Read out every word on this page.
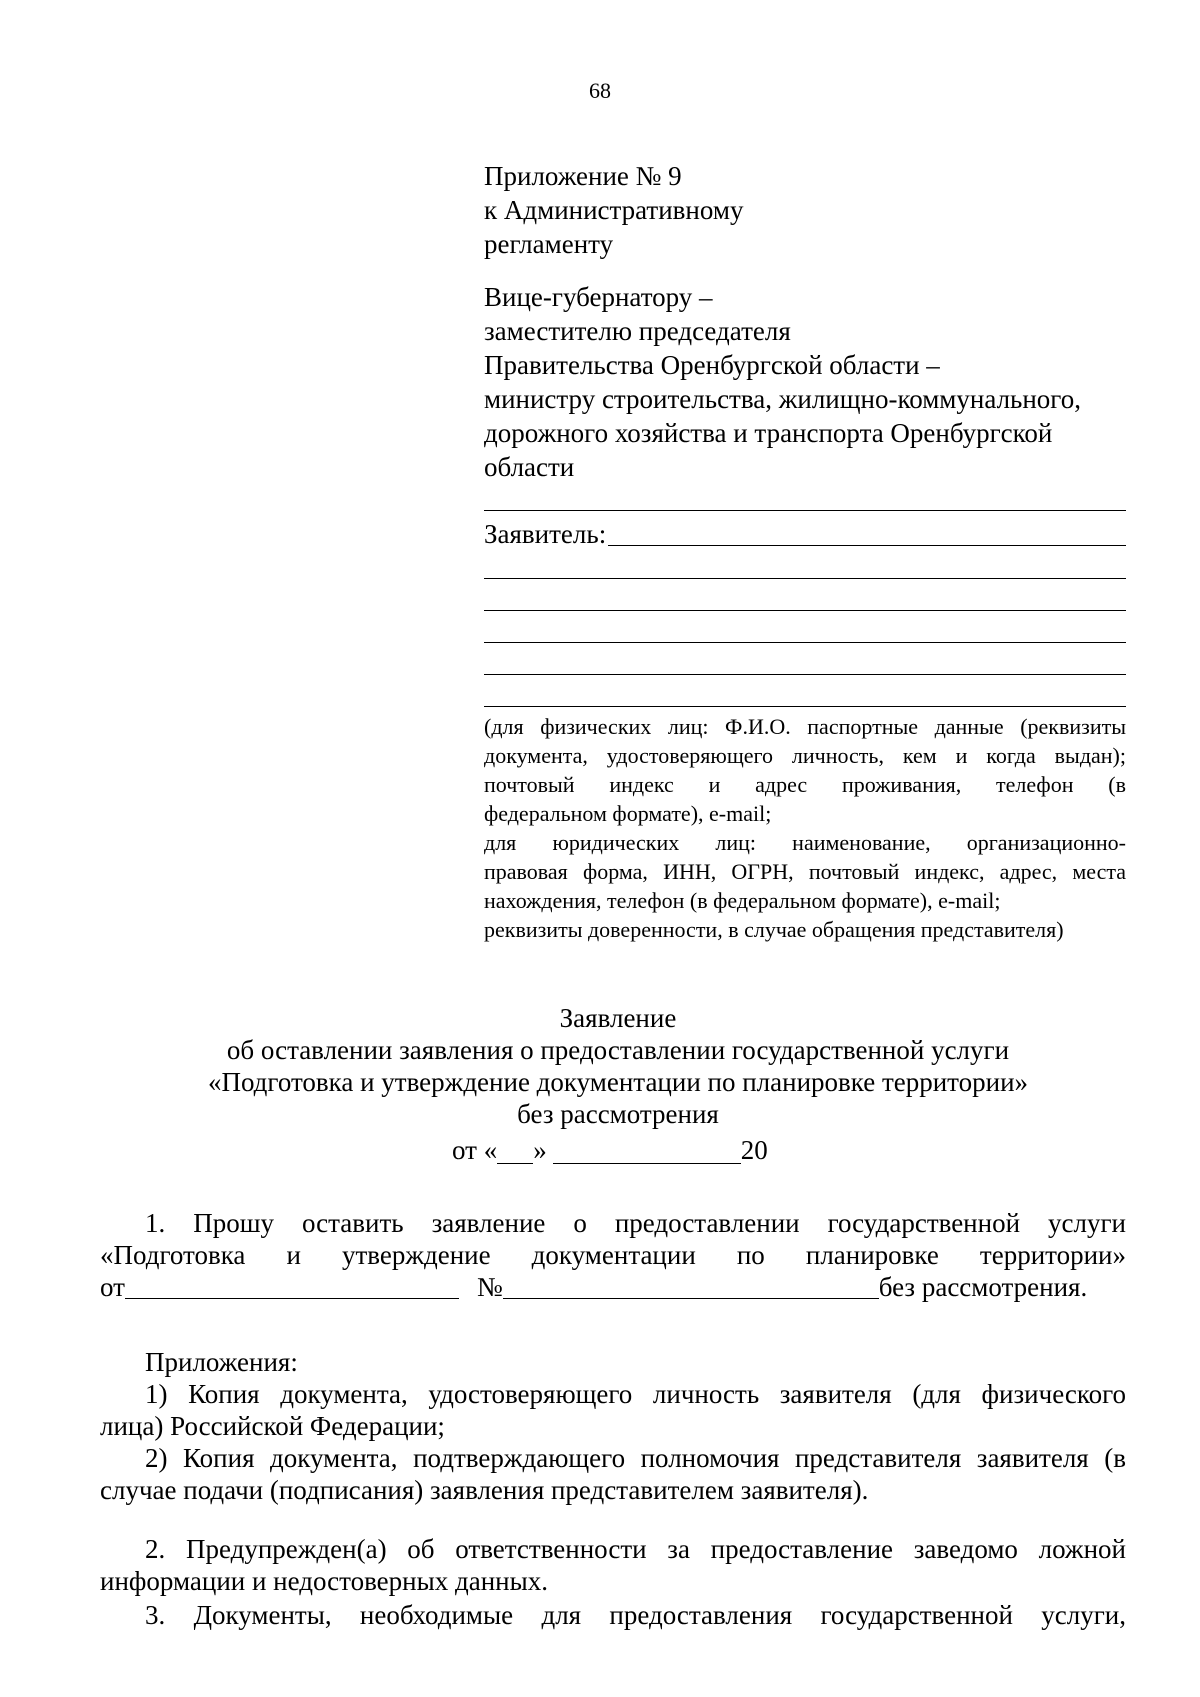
68
Приложение № 9
к Административному
регламенту
Вице-губернатору –
заместителю председателя
Правительства Оренбургской области –
министру строительства, жилищно-коммунального,
дорожного хозяйства и транспорта Оренбургской
области
Заявитель:
(для физических лиц: Ф.И.О. паспортные данные (реквизиты
документа, удостоверяющего личность, кем и когда выдан);
почтовый индекс и адрес проживания, телефон (в
федеральном формате), e-mail;
для юридических лиц: наименование, организационно-
правовая форма, ИНН, ОГРН, почтовый индекс, адрес, места
нахождения, телефон (в федеральном формате), e-mail;
реквизиты доверенности, в случае обращения представителя)
Заявление
об оставлении заявления о предоставлении государственной услуги
«Подготовка и утверждение документации по планировке территории»
без рассмотрения
от « »	20
1. Прошу оставить заявление о предоставлении государственной услуги
«Подготовка и утверждение документации по планировке территории»
от	№	без рассмотрения.
Приложения:
1) Копия документа, удостоверяющего личность заявителя (для физического
лица) Российской Федерации;
2) Копия документа, подтверждающего полномочия представителя заявителя (в
случае подачи (подписания) заявления представителем заявителя).
2. Предупрежден(а) об ответственности за предоставление заведомо ложной
информации и недостоверных данных.
3. Документы, необходимые для предоставления государственной услуги,
